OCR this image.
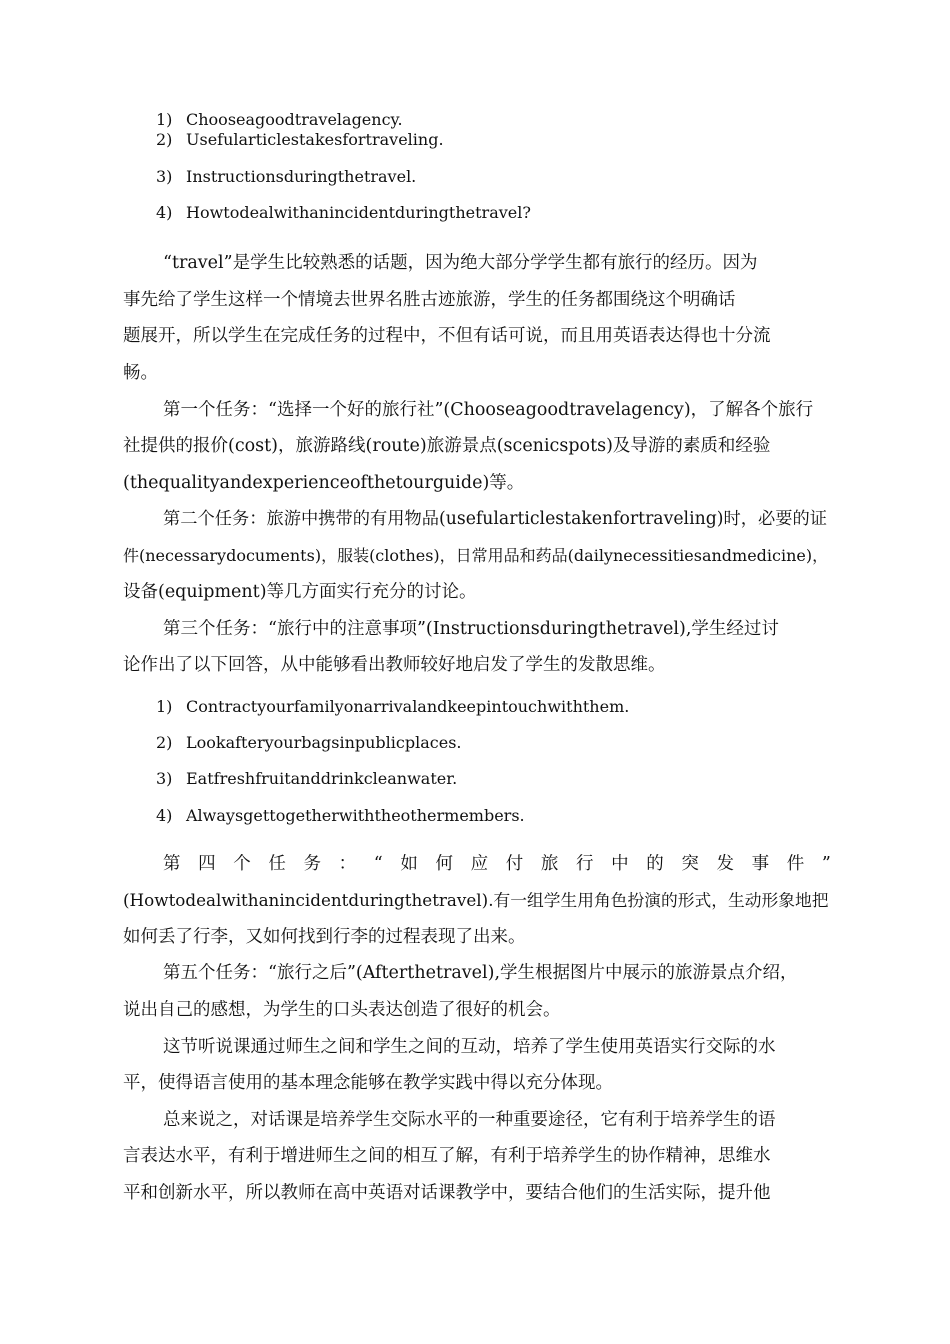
1) Chooseagoodtravelagency.
2) Usefularticlestakesfortraveling.
3) Instructionsduringthetravel.
4) Howtodealwithanincidentduringthetravel?
“travel”是学生比较熟悉的话题，因为绝大部分学学生都有旅行的经历。因为
事先给了学生这样一个情境去世界名胜古迹旅游，学生的任务都围绕这个明确话
题展开，所以学生在完成任务的过程中，不但有话可说，而且用英语表达得也十分流
畅。
第一个任务：“选择一个好的旅行社”(Chooseagoodtravelagency)，了解各个旅行
社提供的报价(cost)，旅游路线(route)旅游景点(scenicspots)及导游的素质和经验
(thequalityandexperienceofthetourguide)等。
第二个任务：旅游中携带的有用物品(usefularticlestakenfortraveling)时，必要的证
件(necessarydocuments)，服装(clothes)，日常用品和药品(dailynecessitiesandmedicine)，
设备(equipment)等几方面实行充分的讨论。
第三个任务：“旅行中的注意事项”(Instructionsduringthetravel),学生经过讨
论作出了以下回答，从中能够看出教师较好地启发了学生的发散思维。
1) Contractyourfamilyonarrivalandkeepintouchwiththem.
2) Lookafteryourbagsinpublicplaces.
3) Eatfreshfruitanddrinkcleanwater.
4) Alwaysgettogetherwiththeothermembers.
第 四 个 任 务 ： “ 如 何 应 付 旅 行 中 的 突 发 事 件 ”
(Howtodealwithanincidentduringthetravel).有一组学生用角色扮演的形式，生动形象地把
如何丢了行李，又如何找到行李的过程表现了出来。
第五个任务：“旅行之后”(Afterthetravel),学生根据图片中展示的旅游景点介绍，
说出自己的感想，为学生的口头表达创造了很好的机会。
这节听说课通过师生之间和学生之间的互动，培养了学生使用英语实行交际的水
平，使得语言使用的基本理念能够在教学实践中得以充分体现。
总来说之，对话课是培养学生交际水平的一种重要途径，它有利于培养学生的语
言表达水平，有利于增进师生之间的相互了解，有利于培养学生的协作精神，思维水
平和创新水平，所以教师在高中英语对话课教学中，要结合他们的生活实际，提升他
